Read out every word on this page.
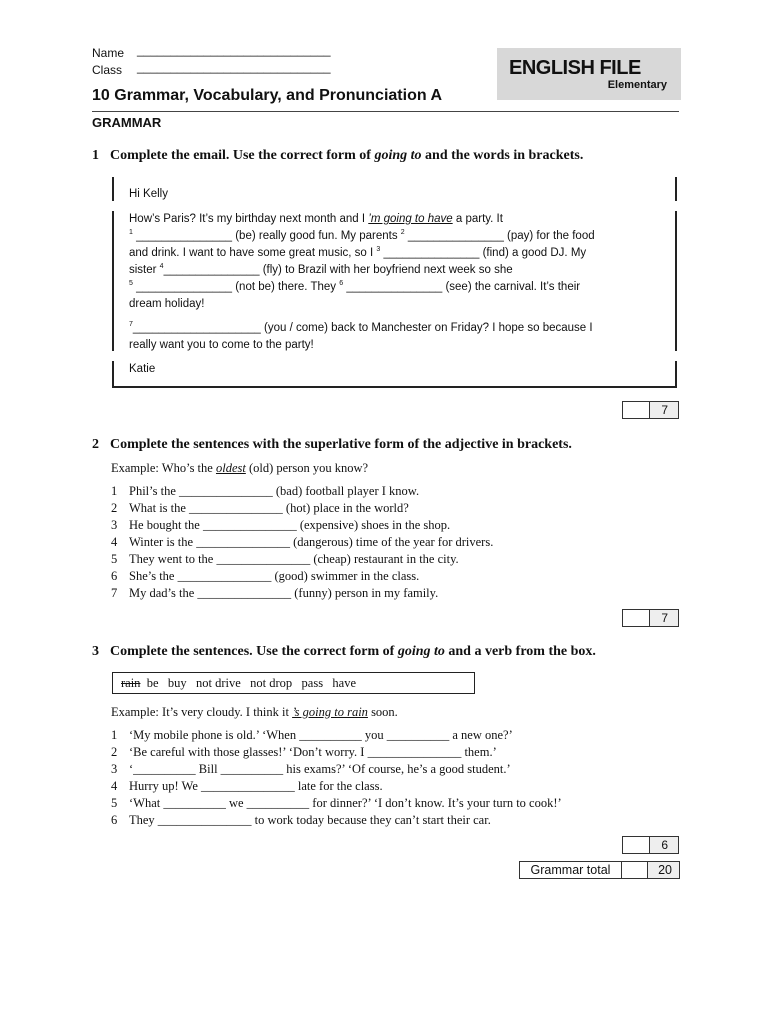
Name _____________________________
Class _____________________________	ENGLISH FILE
Elementary
10 Grammar, Vocabulary, and Pronunciation A
GRAMMAR
1 Complete the email. Use the correct form of going to and the words in brackets.
Hi Kelly
How’s Paris? It’s my birthday next month and I ’m going to have a party. It
$^1$ _______________ (be) really good fun. My parents $^2$ _______________ (pay) for the food
and drink. I want to have some great music, so I $^3$ _______________ (find) a good DJ. My
sister $^4$_______________ (fly) to Brazil with her boyfriend next week so she
$^5$ _______________ (not be) there. They $^6$ _______________ (see) the carnival. It’s their
dream holiday!
$^7$____________________ (you / come) back to Manchester on Friday? I hope so because I
really want you to come to the party!
Katie
7
2 Complete the sentences with the superlative form of the adjective in brackets.
Example: Who’s the oldest (old) person you know?
1 Phil’s the _______________ (bad) football player I know.
2 What is the _______________ (hot) place in the world?
3 He bought the _______________ (expensive) shoes in the shop.
4 Winter is the _______________ (dangerous) time of the year for drivers.
5 They went to the _______________ (cheap) restaurant in the city.
6 She’s the _______________ (good) swimmer in the class.
7 My dad’s the _______________ (funny) person in my family.
7
3 Complete the sentences. Use the correct form of going to and a verb from the box.
rain  be   buy   not drive   not drop   pass   have
Example: It’s very cloudy. I think it ’s going to rain soon.
1 ‘My mobile phone is old.’ ‘When __________ you __________ a new one?’
2 ‘Be careful with those glasses!’ ‘Don’t worry. I _______________ them.’
3 ‘__________ Bill __________ his exams?’ ‘Of course, he’s a good student.’
4 Hurry up! We _______________ late for the class.
5 ‘What __________ we __________ for dinner?’ ‘I don’t know. It’s your turn to cook!’
6 They _______________ to work today because they can’t start their car.
6
Grammar total	20
